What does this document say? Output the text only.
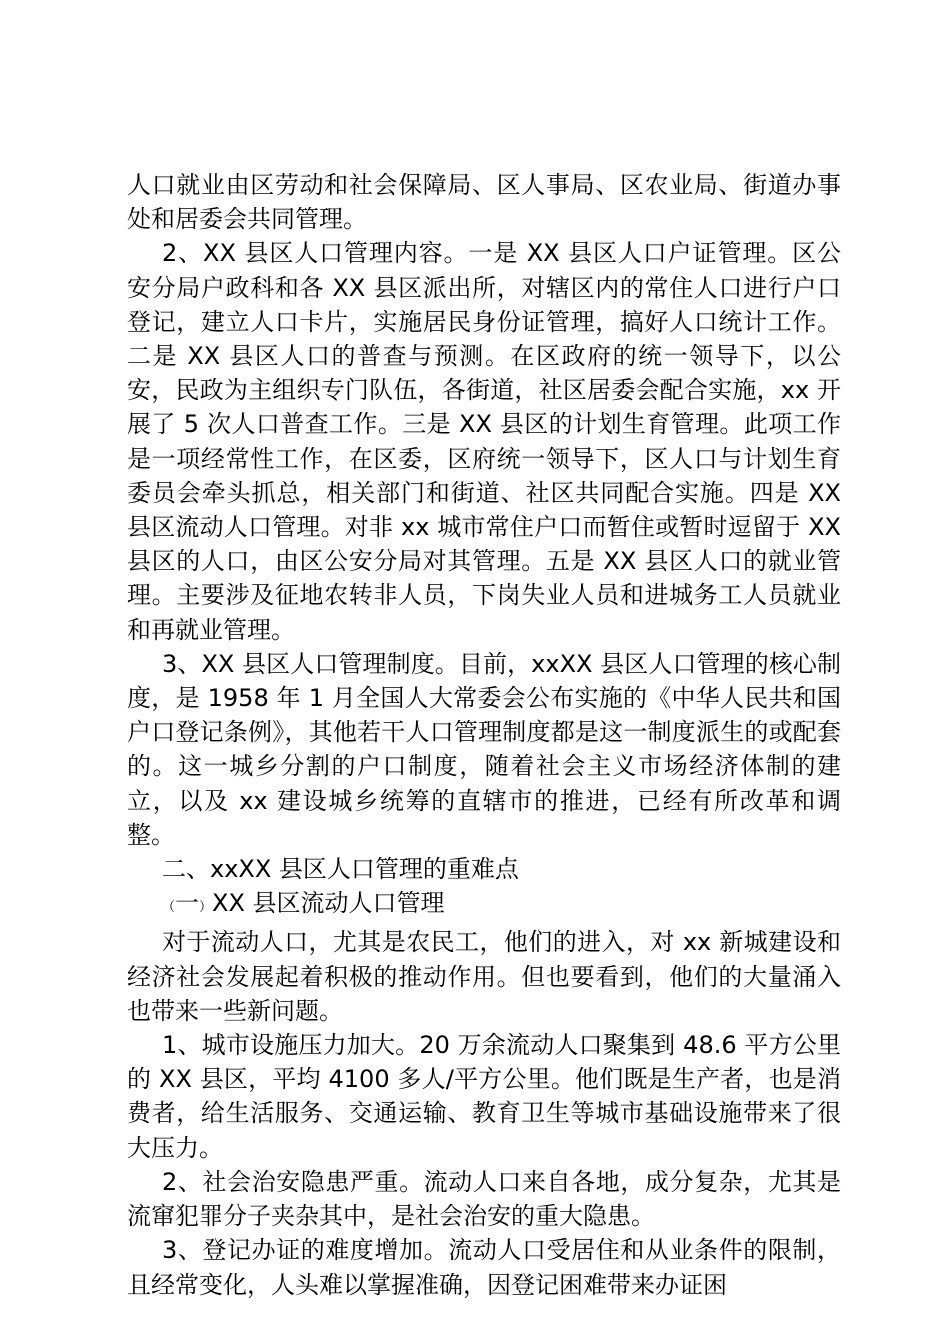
人口就业由区劳动和社会保障局、区人事局、区农业局、街道办事处和居委会共同管理。

2、XX 县区人口管理内容。一是 XX 县区人口户证管理。区公安分局户政科和各 XX 县区派出所，对辖区内的常住人口进行户口登记，建立人口卡片，实施居民身份证管理，搞好人口统计工作。二是 XX 县区人口的普查与预测。在区政府的统一领导下，以公安，民政为主组织专门队伍，各街道，社区居委会配合实施，xx 开展了 5 次人口普查工作。三是 XX 县区的计划生育管理。此项工作是一项经常性工作，在区委，区府统一领导下，区人口与计划生育委员会牵头抓总，相关部门和街道、社区共同配合实施。四是 XX 县区流动人口管理。对非 xx 城市常住户口而暂住或暂时逗留于 XX 县区的人口，由区公安分局对其管理。五是 XX 县区人口的就业管理。主要涉及征地农转非人员，下岗失业人员和进城务工人员就业和再就业管理。

3、XX 县区人口管理制度。目前，xxXX 县区人口管理的核心制度，是 1958 年 1 月全国人大常委会公布实施的《中华人民共和国户口登记条例》，其他若干人口管理制度都是这一制度派生的或配套的。这一城乡分割的户口制度，随着社会主义市场经济体制的建立，以及 xx 建设城乡统筹的直辖市的推进，已经有所改革和调整。

二、xxXX 县区人口管理的重难点

（一）XX 县区流动人口管理

对于流动人口，尤其是农民工，他们的进入，对 xx 新城建设和经济社会发展起着积极的推动作用。但也要看到，他们的大量涌入也带来一些新问题。

1、城市设施压力加大。20 万余流动人口聚集到 48.6 平方公里的 XX 县区，平均 4100 多人/平方公里。他们既是生产者，也是消费者，给生活服务、交通运输、教育卫生等城市基础设施带来了很大压力。

2、社会治安隐患严重。流动人口来自各地，成分复杂，尤其是流窜犯罪分子夹杂其中，是社会治安的重大隐患。

3、登记办证的难度增加。流动人口受居住和从业条件的限制，且经常变化，人头难以掌握准确，因登记困难带来办证困
